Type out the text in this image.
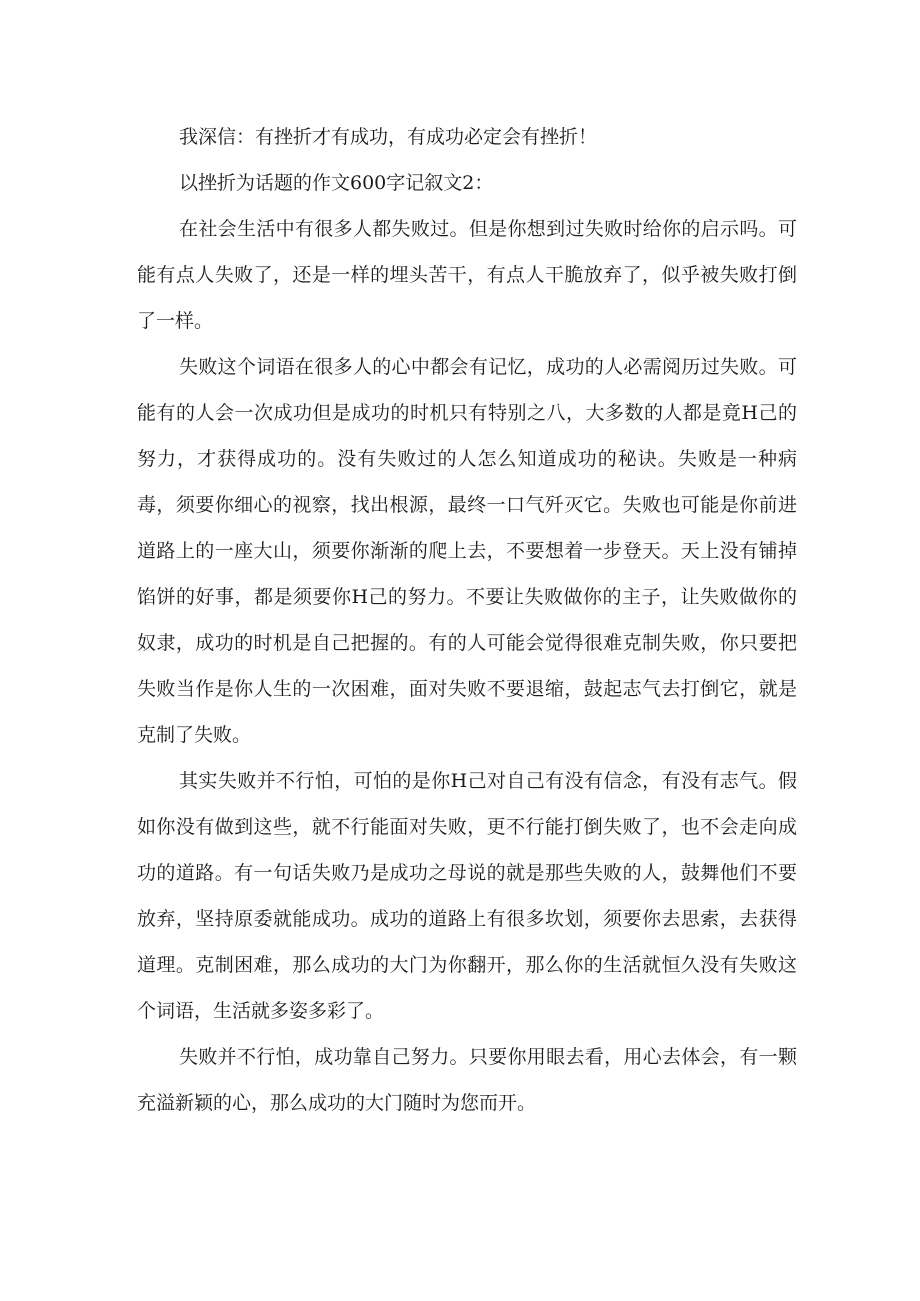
我深信：有挫折才有成功，有成功必定会有挫折！

以挫折为话题的作文600字记叙文2：

在社会生活中有很多人都失败过。但是你想到过失败时给你的启示吗。可能有点人失败了，还是一样的埋头苦干，有点人干脆放弃了，似乎被失败打倒了一样。

失败这个词语在很多人的心中都会有记忆，成功的人必需阅历过失败。可能有的人会一次成功但是成功的时机只有特别之八，大多数的人都是竟H己的努力，才获得成功的。没有失败过的人怎么知道成功的秘诀。失败是一种病毒，须要你细心的视察，找出根源，最终一口气歼灭它。失败也可能是你前进道路上的一座大山，须要你渐渐的爬上去，不要想着一步登天。天上没有铺掉馅饼的好事，都是须要你H己的努力。不要让失败做你的主子，让失败做你的奴隶，成功的时机是自己把握的。有的人可能会觉得很难克制失败，你只要把失败当作是你人生的一次困难，面对失败不要退缩，鼓起志气去打倒它，就是克制了失败。

其实失败并不行怕，可怕的是你H己对自己有没有信念，有没有志气。假如你没有做到这些，就不行能面对失败，更不行能打倒失败了，也不会走向成功的道路。有一句话失败乃是成功之母说的就是那些失败的人，鼓舞他们不要放弃，坚持原委就能成功。成功的道路上有很多坎划，须要你去思索，去获得道理。克制困难，那么成功的大门为你翻开，那么你的生活就恒久没有失败这个词语，生活就多姿多彩了。

失败并不行怕，成功靠自己努力。只要你用眼去看，用心去体会，有一颗充溢新颖的心，那么成功的大门随时为您而开。
